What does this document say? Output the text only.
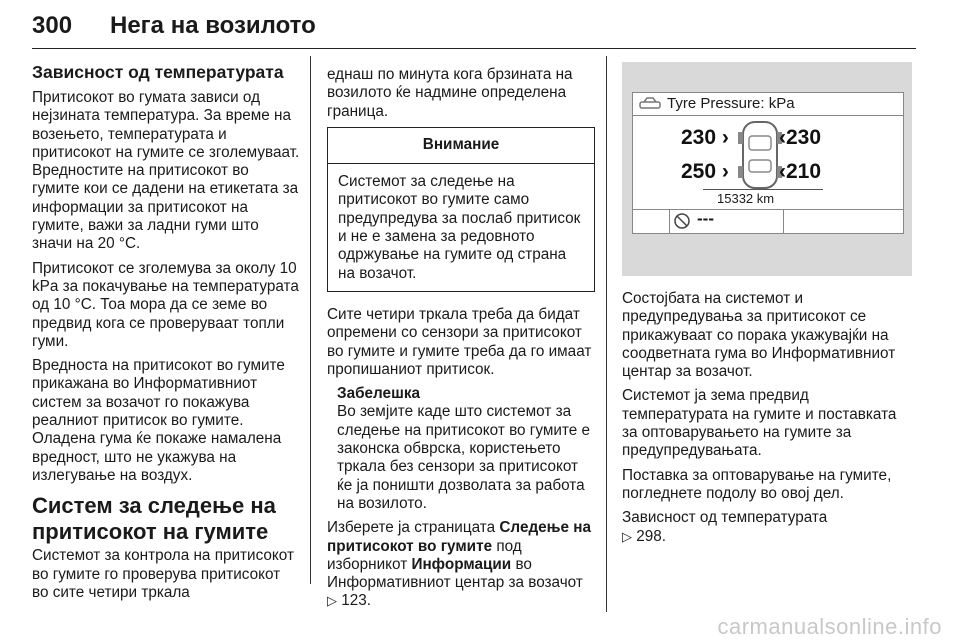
300 Нега на возилото
Зависност од температурата

Притисокот во гумата зависи од нејзината температура. За време на возењето, температурата и притисокот на гумите се зголемуваат. Вредностите на притисокот во гумите кои се дадени на етикетата за информации за притисокот на гумите, важи за ладни гуми што значи на 20 °C.

Притисокот се зголемува за околу 10 kPa за покачување на температурата од 10 °C. Тоа мора да се земе во предвид кога се проверуваат топли гуми.

Вредноста на притисокот во гумите прикажана во Информативниот систем за возачот го покажува реалниот притисок во гумите. Оладена гума ќе покаже намалена вредност, што не укажува на излегување на воздух.

Систем за следење на притисокот на гумите

Системот за контрола на притисокот во гумите го проверува притисокот во сите четири тркала

еднаш по минута кога брзината на возилото ќе надмине определена граница.

Внимание
Системот за следење на притисокот во гумите само предупредува за послаб притисок и не е замена за редовното одржување на гумите од страна на возачот.

Сите четири тркала треба да бидат опремени со сензори за притисокот во гумите и гумите треба да го имаат пропишаниот притисок.

Забелешка
Во земјите каде што системот за следење на притисокот во гумите е законска обврска, користењето тркала без сензори за притисокот ќе ја поништи дозволата за работа на возилото.

Изберете ја страницата Следење на притисокот во гумите под изборникот Информации во Информативниот центар за возачот ▷ 123.

Tyre Pressure: kPa
230 › ‹230
250 › ‹210
15332 km
---

Состојбата на системот и предупредувања за притисокот се прикажуваат со порака укажувајќи на соодветната гума во Информативниот центар за возачот.

Системот ја зема предвид температурата на гумите и поставката за оптоварувањето на гумите за предупредувањата.

Поставка за оптоварување на гумите, погледнете подолу во овој дел.

Зависност од температурата
▷ 298.

carmanualsonline.info
